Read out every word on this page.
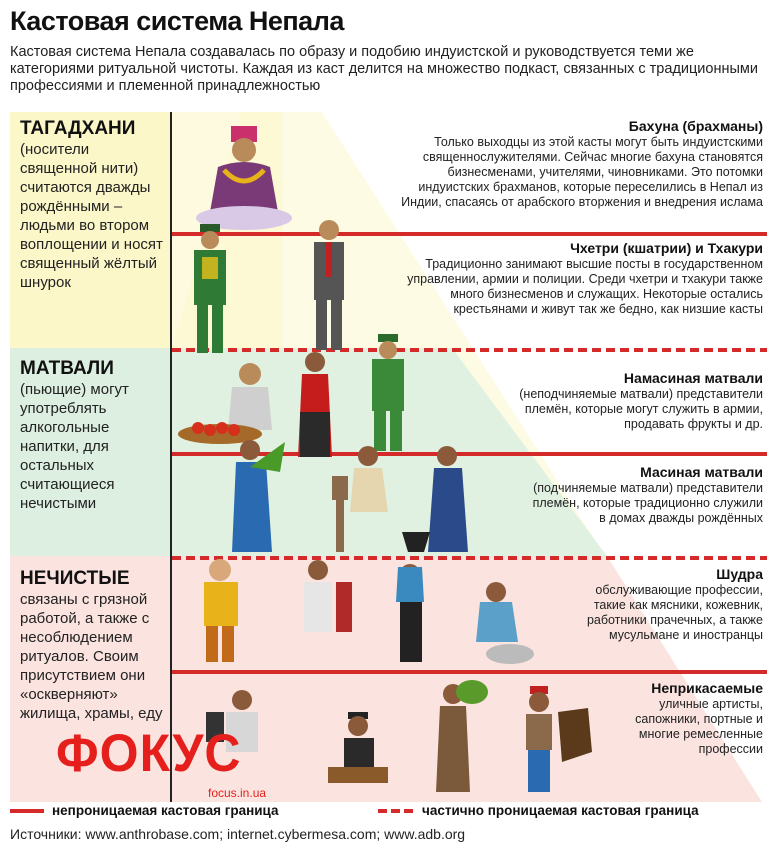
Кастовая система Непала
Кастовая система Непала создавалась по образу и подобию индуистской и руководствуется теми же категориями ритуальной чистоты. Каждая из каст делится на множество подкаст, связанных с традиционными профессиями и племенной принадлежностью
ТАГАДХАНИ
(носители священной нити) считаются дважды рождёнными – людьми во втором воплощении и носят священный жёлтый шнурок
МАТВАЛИ
(пьющие) могут употреблять алкогольные напитки, для остальных считающиеся нечистыми
НЕЧИСТЫЕ
связаны с грязной работой, а также с несоблюдением ритуалов. Своим присутствием они «оскверняют» жилища, храмы, еду
Бахуна (брахманы)
Только выходцы из этой касты могут быть индуистскими священнослужителями. Сейчас многие бахуна становятся бизнесменами, учителями, чиновниками. Это потомки индуистских брахманов, которые переселились в Непал из Индии, спасаясь от арабского вторжения и внедрения ислама
Чхетри (кшатрии) и Тхакури
Традиционно занимают высшие посты в государственном управлении, армии и полиции. Среди чхетри и тхакури также много бизнесменов и служащих. Некоторые остались крестьянами и живут так же бедно, как низшие касты
Намасиная матвали
(неподчиняемые матвали) представители племён, которые могут служить в армии, продавать фрукты и др.
Масиная матвали
(подчиняемые матвали) представители племён, которые традиционно служили в домах дважды рождённых
Шудра
обслуживающие профессии, такие как мясники, кожевник, работники прачечных, а также мусульмане и иностранцы
Неприкасаемые
уличные артисты, сапожники, портные и многие ремесленные профессии
ФОКУС
focus.in.ua
непроницаемая кастовая граница	частично проницаемая кастовая граница
Источники: www.anthrobase.com; internet.cybermesa.com; www.adb.org
